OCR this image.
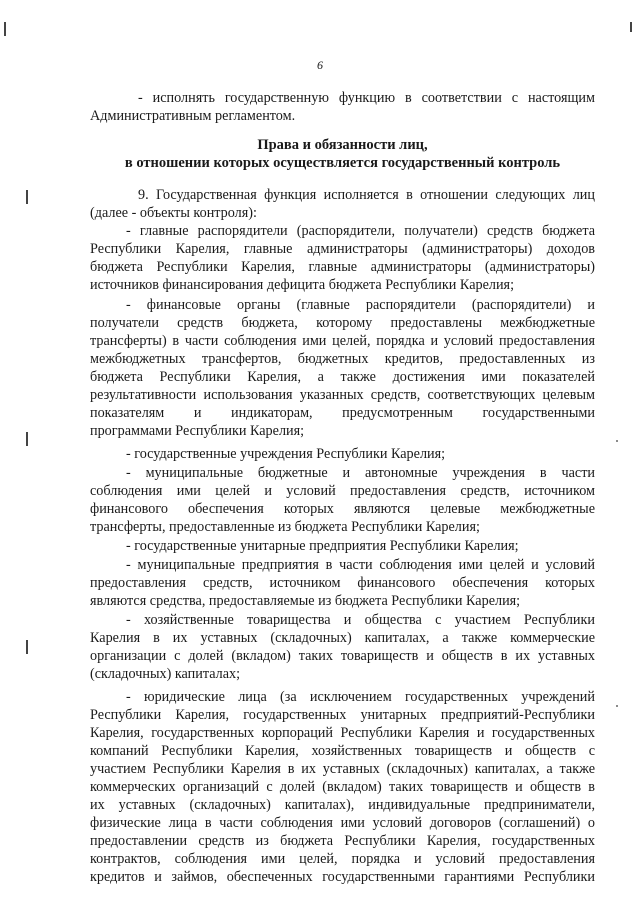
6
- исполнять государственную функцию в соответствии с настоящим
Административным регламентом.
Права и обязанности лиц,
в отношении которых осуществляется государственный контроль
9. Государственная функция исполняется в отношении следующих лиц
(далее - объекты контроля):
- главные распорядители (распорядители, получатели) средств бюджета
Республики Карелия, главные администраторы (администраторы) доходов
бюджета Республики Карелия, главные администраторы (администраторы)
источников финансирования дефицита бюджета Республики Карелия;
- финансовые органы (главные распорядители (распорядители) и
получатели средств бюджета, которому предоставлены межбюджетные
трансферты) в части соблюдения ими целей, порядка и условий предоставления
межбюджетных трансфертов, бюджетных кредитов, предоставленных из
бюджета Республики Карелия, а также достижения ими показателей
результативности использования указанных средств, соответствующих целевым
показателям и индикаторам, предусмотренным государственными
программами Республики Карелия;
- государственные учреждения Республики Карелия;
- муниципальные бюджетные и автономные учреждения в части
соблюдения ими целей и условий предоставления средств, источником
финансового обеспечения которых являются целевые межбюджетные
трансферты, предоставленные из бюджета Республики Карелия;
- государственные унитарные предприятия Республики Карелия;
- муниципальные предприятия в части соблюдения ими целей и условий
предоставления средств, источником финансового обеспечения которых
являются средства, предоставляемые из бюджета Республики Карелия;
- хозяйственные товарищества и общества с участием Республики
Карелия в их уставных (складочных) капиталах, а также коммерческие
организации с долей (вкладом) таких товариществ и обществ в их уставных
(складочных) капиталах;
- юридические лица (за исключением государственных учреждений
Республики Карелия, государственных унитарных предприятий-Республики
Карелия, государственных корпораций Республики Карелия и государственных
компаний Республики Карелия, хозяйственных товариществ и обществ с
участием Республики Карелия в их уставных (складочных) капиталах, а также
коммерческих организаций с долей (вкладом) таких товариществ и обществ в
их уставных (складочных) капиталах), индивидуальные предприниматели,
физические лица в части соблюдения ими условий договоров (соглашений) о
предоставлении средств из бюджета Республики Карелия, государственных
контрактов, соблюдения ими целей, порядка и условий предоставления
кредитов и займов, обеспеченных государственными гарантиями Республики
